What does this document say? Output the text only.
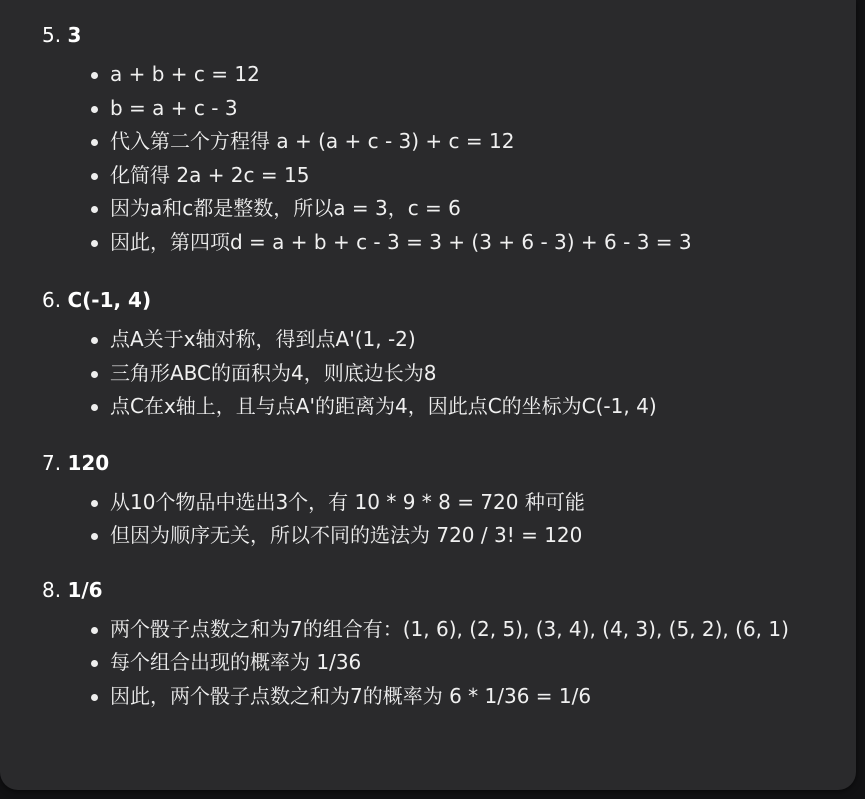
5. 3
a + b + c = 12
b = a + c - 3
代入第二个方程得 a + (a + c - 3) + c = 12
化简得 2a + 2c = 15
因为a和c都是整数，所以a = 3，c = 6
因此，第四项d = a + b + c - 3 = 3 + (3 + 6 - 3) + 6 - 3 = 3
6. C(-1, 4)
点A关于x轴对称，得到点A'(1, -2)
三角形ABC的面积为4，则底边长为8
点C在x轴上，且与点A'的距离为4，因此点C的坐标为C(-1, 4)
7. 120
从10个物品中选出3个，有 10 * 9 * 8 = 720 种可能
但因为顺序无关，所以不同的选法为 720 / 3! = 120
8. 1/6
两个骰子点数之和为7的组合有：(1, 6), (2, 5), (3, 4), (4, 3), (5, 2), (6, 1)
每个组合出现的概率为 1/36
因此，两个骰子点数之和为7的概率为 6 * 1/36 = 1/6
